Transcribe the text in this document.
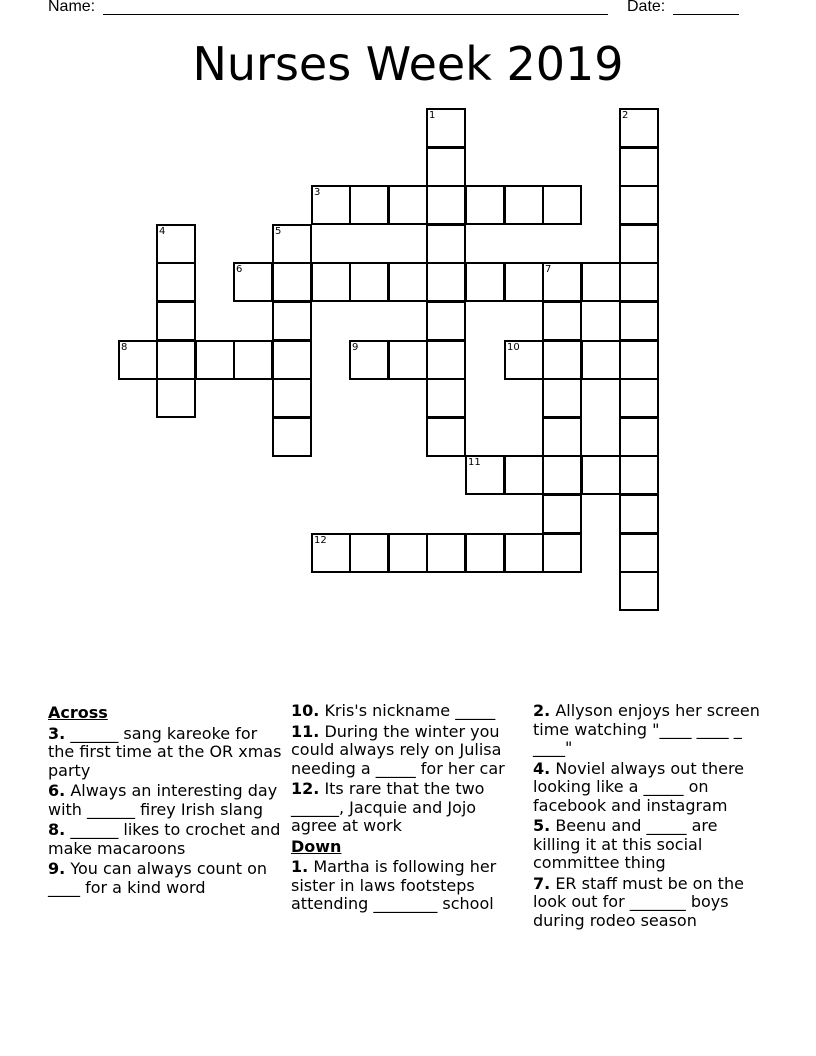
Name:	Date:
Nurses Week 2019
1	2
3
4	5
6	7
8	9	10
11
12
Across
3. ______ sang kareoke for the first time at the OR xmas party
6. Always an interesting day with ______ firey Irish slang
8. ______ likes to crochet and make macaroons
9. You can always count on ____ for a kind word
10. Kris's nickname _____
11. During the winter you could always rely on Julisa needing a _____ for her car
12. Its rare that the two ______, Jacquie and Jojo agree at work
Down
1. Martha is following her sister in laws footsteps attending ________ school
2. Allyson enjoys her screen time watching "____ ____ _ ____"
4. Noviel always out there looking like a _____ on facebook and instagram
5. Beenu and _____ are killing it at this social committee thing
7. ER staff must be on the look out for _______ boys during rodeo season
